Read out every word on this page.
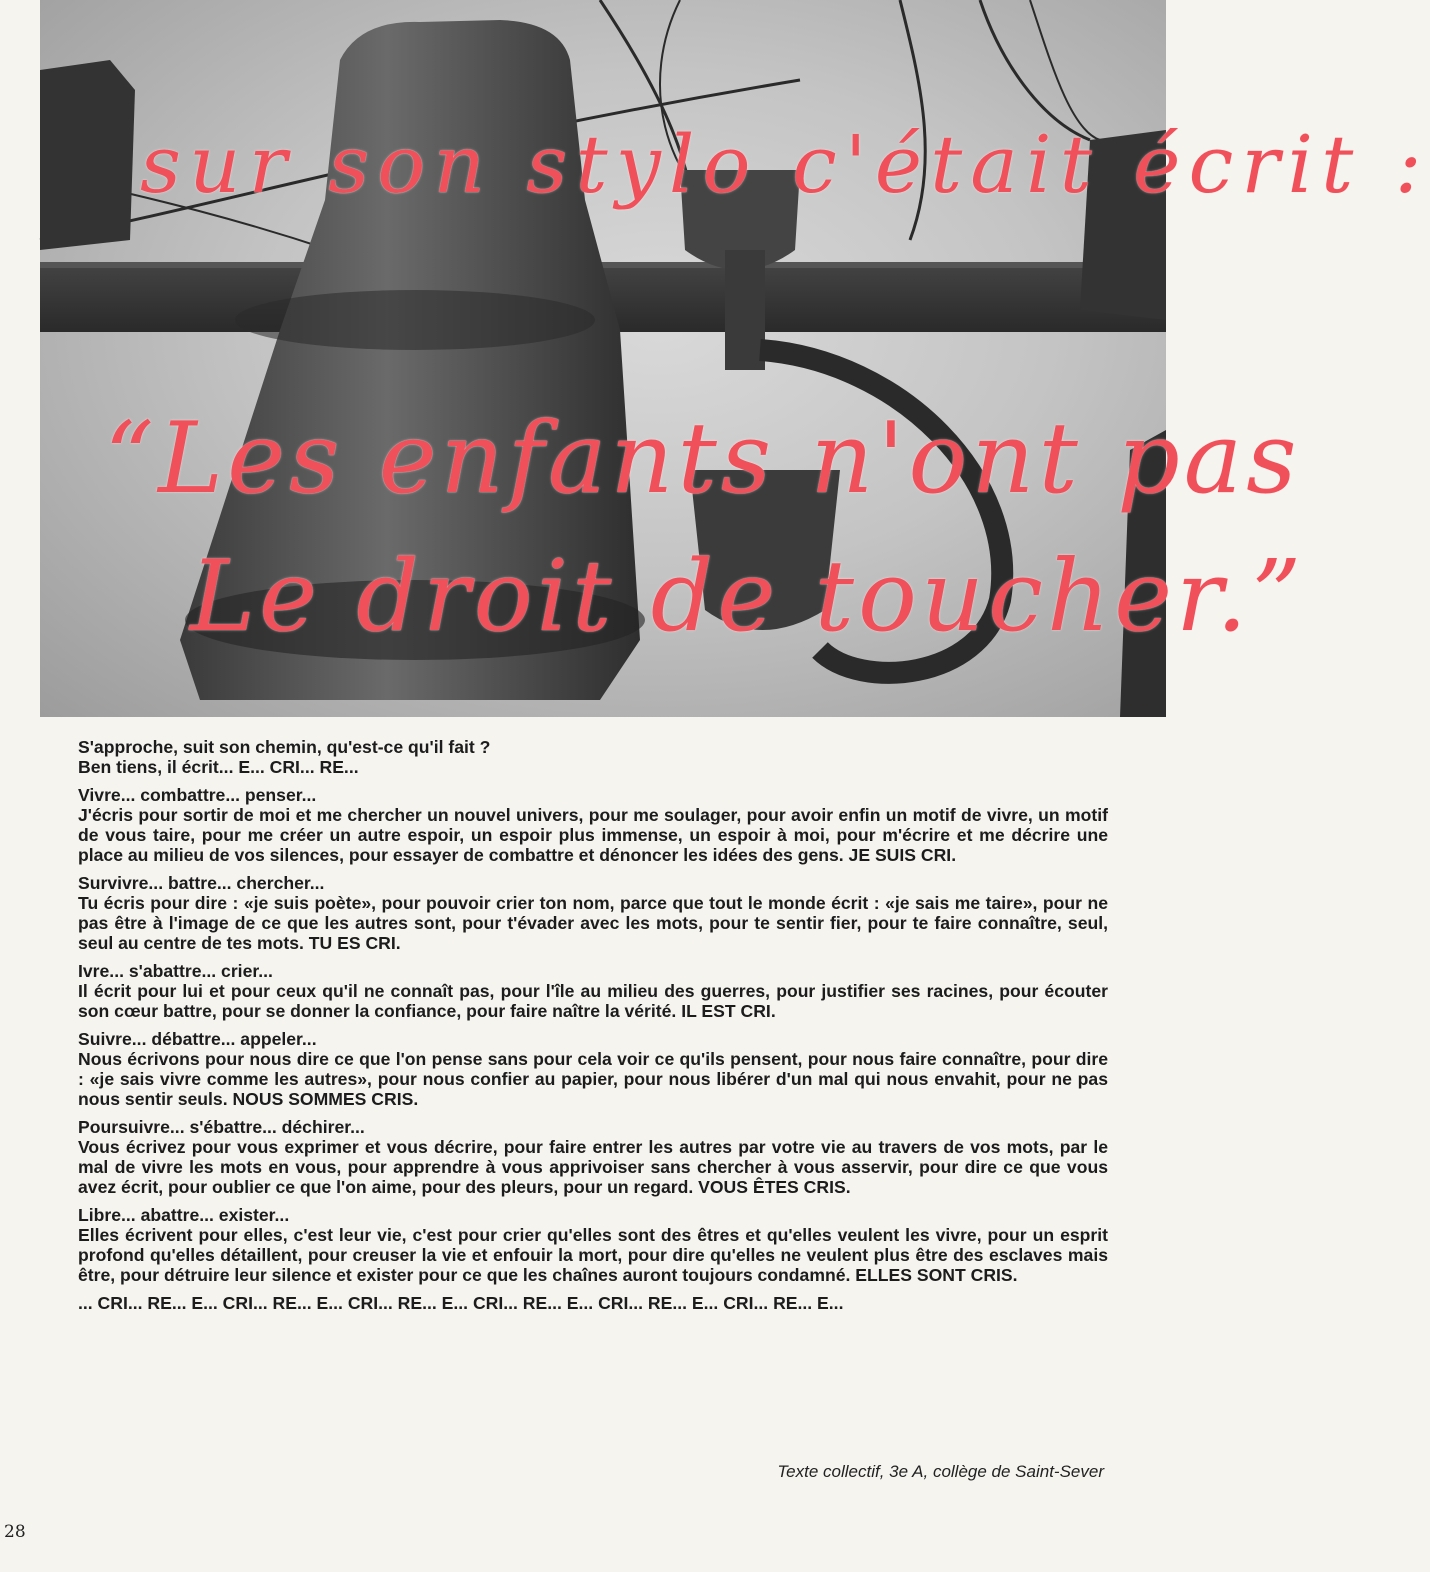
sur son stylo c'était écrit :
“Les enfants n'ont pas
Le droit de toucher.”

S'approche, suit son chemin, qu'est-ce qu'il fait ?
Ben tiens, il écrit... E... CRI... RE...

Vivre... combattre... penser...
J'écris pour sortir de moi et me chercher un nouvel univers, pour me soulager, pour avoir enfin un motif de vivre, un motif de vous taire, pour me créer un autre espoir, un espoir plus immense, un espoir à moi, pour m'écrire et me décrire une place au milieu de vos silences, pour essayer de combattre et dénoncer les idées des gens. JE SUIS CRI.

Survivre... battre... chercher...
Tu écris pour dire : «je suis poète», pour pouvoir crier ton nom, parce que tout le monde écrit : «je sais me taire», pour ne pas être à l'image de ce que les autres sont, pour t'évader avec les mots, pour te sentir fier, pour te faire connaître, seul, seul au centre de tes mots. TU ES CRI.

Ivre... s'abattre... crier...
Il écrit pour lui et pour ceux qu'il ne connaît pas, pour l'île au milieu des guerres, pour justifier ses racines, pour écouter son cœur battre, pour se donner la confiance, pour faire naître la vérité. IL EST CRI.

Suivre... débattre... appeler...
Nous écrivons pour nous dire ce que l'on pense sans pour cela voir ce qu'ils pensent, pour nous faire connaître, pour dire : «je sais vivre comme les autres», pour nous confier au papier, pour nous libérer d'un mal qui nous envahit, pour ne pas nous sentir seuls. NOUS SOMMES CRIS.

Poursuivre... s'ébattre... déchirer...
Vous écrivez pour vous exprimer et vous décrire, pour faire entrer les autres par votre vie au travers de vos mots, par le mal de vivre les mots en vous, pour apprendre à vous apprivoiser sans chercher à vous asservir, pour dire ce que vous avez écrit, pour oublier ce que l'on aime, pour des pleurs, pour un regard. VOUS ÊTES CRIS.

Libre... abattre... exister...
Elles écrivent pour elles, c'est leur vie, c'est pour crier qu'elles sont des êtres et qu'elles veulent les vivre, pour un esprit profond qu'elles détaillent, pour creuser la vie et enfouir la mort, pour dire qu'elles ne veulent plus être des esclaves mais être, pour détruire leur silence et exister pour ce que les chaînes auront toujours condamné. ELLES SONT CRIS.

... CRI... RE... E... CRI... RE... E... CRI... RE... E... CRI... RE... E... CRI... RE... E... CRI... RE... E...

Texte collectif, 3e A, collège de Saint-Sever
28
